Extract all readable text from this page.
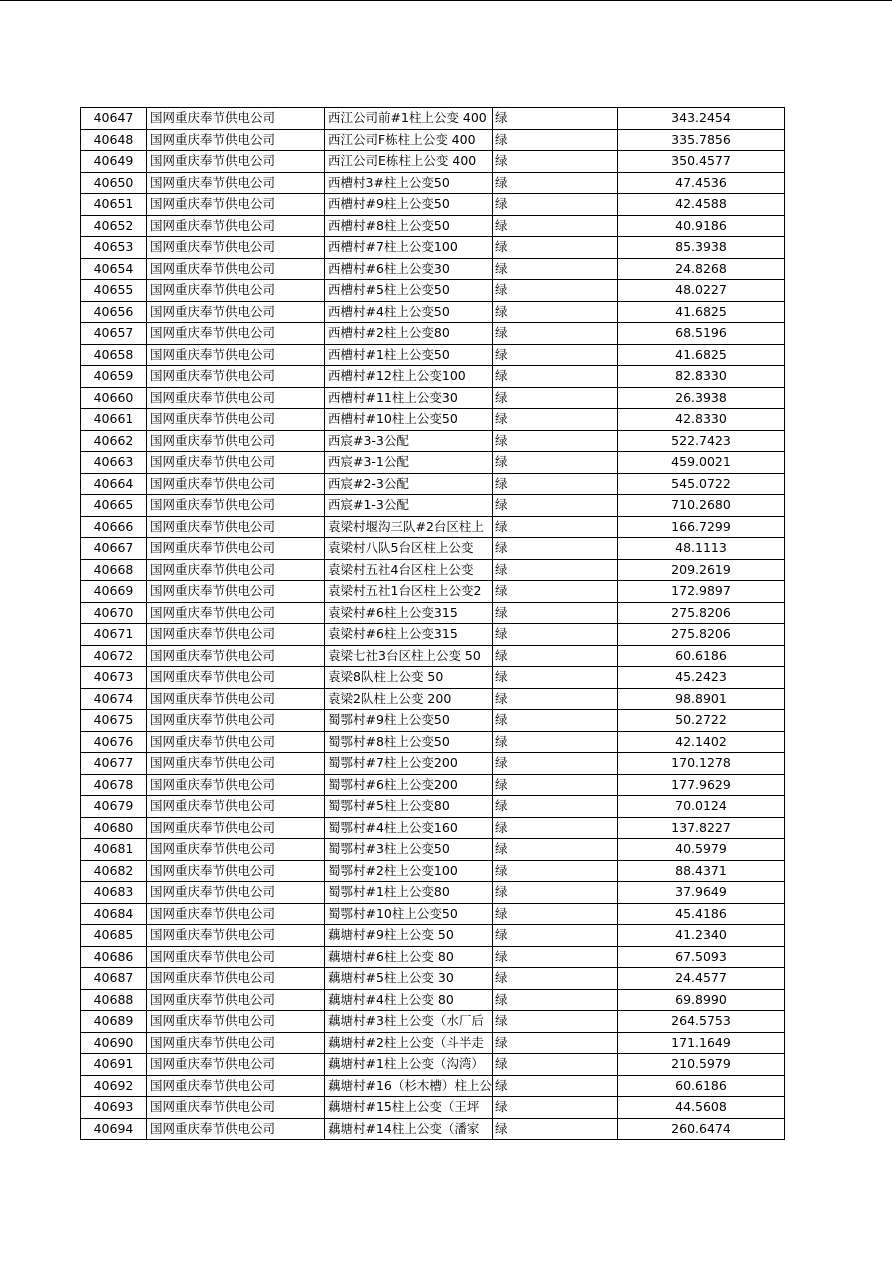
40647	国网重庆奉节供电公司	西江公司前#1柱上公变 400	绿	343.2454
40648	国网重庆奉节供电公司	西江公司F栋柱上公变 400	绿	335.7856
40649	国网重庆奉节供电公司	西江公司E栋柱上公变 400	绿	350.4577
40650	国网重庆奉节供电公司	西槽村3#柱上公变50	绿	47.4536
40651	国网重庆奉节供电公司	西槽村#9柱上公变50	绿	42.4588
40652	国网重庆奉节供电公司	西槽村#8柱上公变50	绿	40.9186
40653	国网重庆奉节供电公司	西槽村#7柱上公变100	绿	85.3938
40654	国网重庆奉节供电公司	西槽村#6柱上公变30	绿	24.8268
40655	国网重庆奉节供电公司	西槽村#5柱上公变50	绿	48.0227
40656	国网重庆奉节供电公司	西槽村#4柱上公变50	绿	41.6825
40657	国网重庆奉节供电公司	西槽村#2柱上公变80	绿	68.5196
40658	国网重庆奉节供电公司	西槽村#1柱上公变50	绿	41.6825
40659	国网重庆奉节供电公司	西槽村#12柱上公变100	绿	82.8330
40660	国网重庆奉节供电公司	西槽村#11柱上公变30	绿	26.3938
40661	国网重庆奉节供电公司	西槽村#10柱上公变50	绿	42.8330
40662	国网重庆奉节供电公司	西宸#3-3公配	绿	522.7423
40663	国网重庆奉节供电公司	西宸#3-1公配	绿	459.0021
40664	国网重庆奉节供电公司	西宸#2-3公配	绿	545.0722
40665	国网重庆奉节供电公司	西宸#1-3公配	绿	710.2680
40666	国网重庆奉节供电公司	袁梁村堰沟三队#2台区柱上	绿	166.7299
40667	国网重庆奉节供电公司	袁梁村八队5台区柱上公变	绿	48.1113
40668	国网重庆奉节供电公司	袁梁村五社4台区柱上公变	绿	209.2619
40669	国网重庆奉节供电公司	袁梁村五社1台区柱上公变2	绿	172.9897
40670	国网重庆奉节供电公司	袁梁村#6柱上公变315	绿	275.8206
40671	国网重庆奉节供电公司	袁梁村#6柱上公变315	绿	275.8206
40672	国网重庆奉节供电公司	袁梁七社3台区柱上公变 50	绿	60.6186
40673	国网重庆奉节供电公司	袁梁8队柱上公变 50	绿	45.2423
40674	国网重庆奉节供电公司	袁梁2队柱上公变 200	绿	98.8901
40675	国网重庆奉节供电公司	蜀鄂村#9柱上公变50	绿	50.2722
40676	国网重庆奉节供电公司	蜀鄂村#8柱上公变50	绿	42.1402
40677	国网重庆奉节供电公司	蜀鄂村#7柱上公变200	绿	170.1278
40678	国网重庆奉节供电公司	蜀鄂村#6柱上公变200	绿	177.9629
40679	国网重庆奉节供电公司	蜀鄂村#5柱上公变80	绿	70.0124
40680	国网重庆奉节供电公司	蜀鄂村#4柱上公变160	绿	137.8227
40681	国网重庆奉节供电公司	蜀鄂村#3柱上公变50	绿	40.5979
40682	国网重庆奉节供电公司	蜀鄂村#2柱上公变100	绿	88.4371
40683	国网重庆奉节供电公司	蜀鄂村#1柱上公变80	绿	37.9649
40684	国网重庆奉节供电公司	蜀鄂村#10柱上公变50	绿	45.4186
40685	国网重庆奉节供电公司	藕塘村#9柱上公变 50	绿	41.2340
40686	国网重庆奉节供电公司	藕塘村#6柱上公变 80	绿	67.5093
40687	国网重庆奉节供电公司	藕塘村#5柱上公变 30	绿	24.4577
40688	国网重庆奉节供电公司	藕塘村#4柱上公变 80	绿	69.8990
40689	国网重庆奉节供电公司	藕塘村#3柱上公变（水厂后	绿	264.5753
40690	国网重庆奉节供电公司	藕塘村#2柱上公变（斗半走	绿	171.1649
40691	国网重庆奉节供电公司	藕塘村#1柱上公变（沟湾）	绿	210.5979
40692	国网重庆奉节供电公司	藕塘村#16（杉木槽）柱上公	绿	60.6186
40693	国网重庆奉节供电公司	藕塘村#15柱上公变（王坪	绿	44.5608
40694	国网重庆奉节供电公司	藕塘村#14柱上公变（潘家	绿	260.6474
